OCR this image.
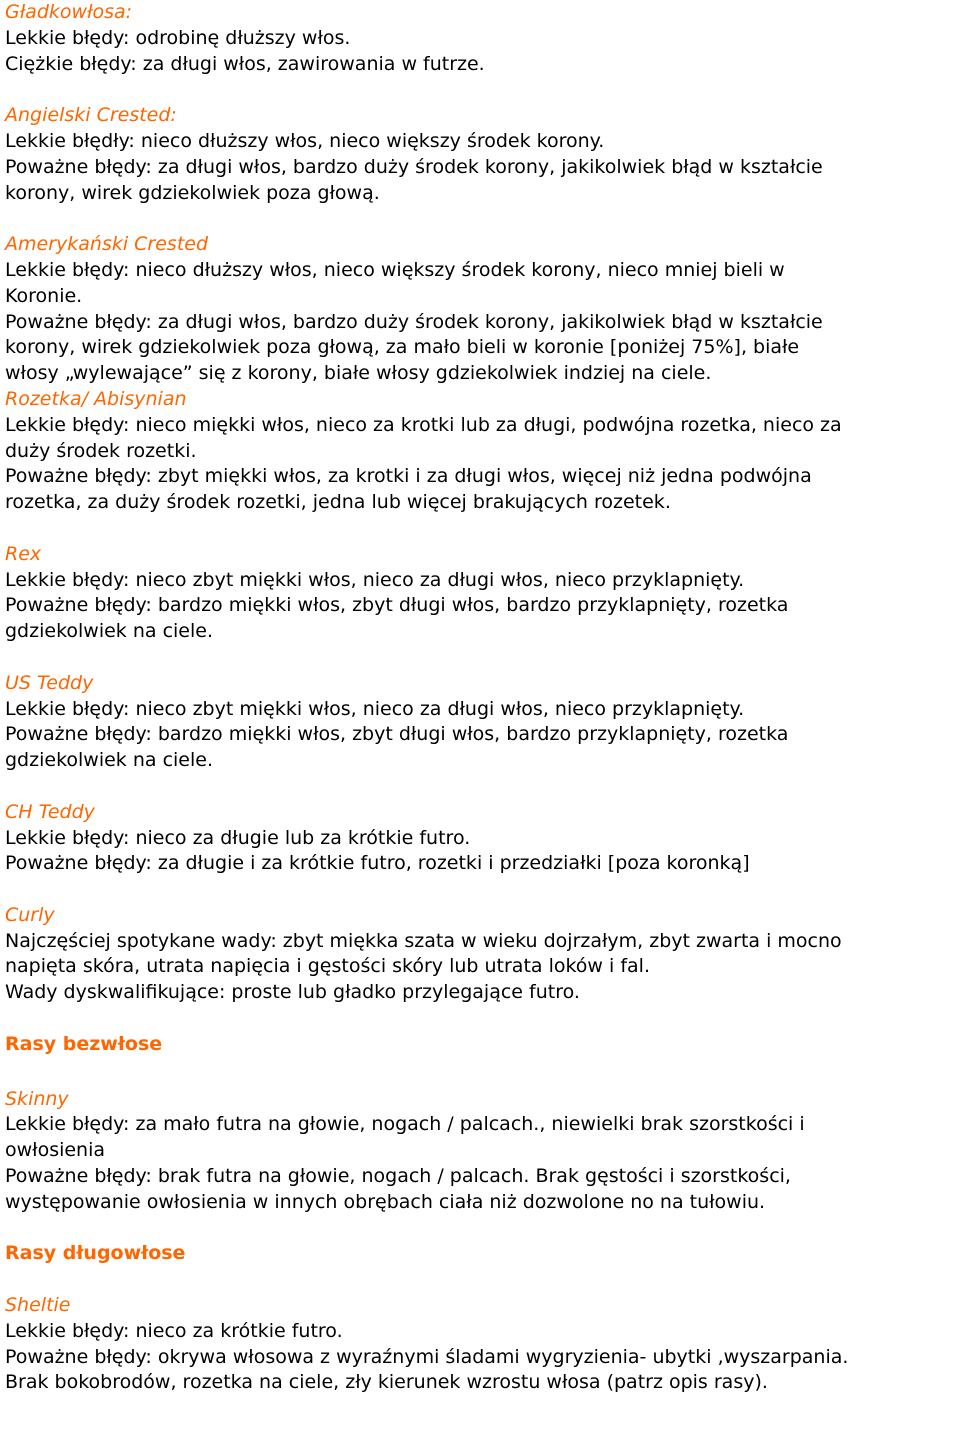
Gładkowłosa:
Lekkie błędy: odrobinę dłuższy włos.
Ciężkie błędy: za długi włos, zawirowania w futrze.
Angielski Crested:
Lekkie błędły: nieco dłuższy włos, nieco większy środek korony.
Poważne błędy: za długi włos, bardzo duży środek korony, jakikolwiek błąd w kształcie
korony, wirek gdziekolwiek poza głową.
Amerykański Crested
Lekkie błędy: nieco dłuższy włos, nieco większy środek korony, nieco mniej bieli w
Koronie.
Poważne błędy: za długi włos, bardzo duży środek korony, jakikolwiek błąd w kształcie
korony, wirek gdziekolwiek poza głową, za mało bieli w koronie [poniżej 75%], białe
włosy „wylewające” się z korony, białe włosy gdziekolwiek indziej na ciele.
Rozetka/ Abisynian
Lekkie błędy: nieco miękki włos, nieco za krotki lub za długi, podwójna rozetka, nieco za
duży środek rozetki.
Poważne błędy: zbyt miękki włos, za krotki i za długi włos, więcej niż jedna podwójna
rozetka, za duży środek rozetki, jedna lub więcej brakujących rozetek.
Rex
Lekkie błędy: nieco zbyt miękki włos, nieco za długi włos, nieco przyklapnięty.
Poważne błędy: bardzo miękki włos, zbyt długi włos, bardzo przyklapnięty, rozetka
gdziekolwiek na ciele.
US Teddy
Lekkie błędy: nieco zbyt miękki włos, nieco za długi włos, nieco przyklapnięty.
Poważne błędy: bardzo miękki włos, zbyt długi włos, bardzo przyklapnięty, rozetka
gdziekolwiek na ciele.
CH Teddy
Lekkie błędy: nieco za długie lub za krótkie futro.
Poważne błędy: za długie i za krótkie futro, rozetki i przedziałki [poza koronką]
Curly
Najczęściej spotykane wady: zbyt miękka szata w wieku dojrzałym, zbyt zwarta i mocno
napięta skóra, utrata napięcia i gęstości skóry lub utrata loków i fal.
Wady dyskwalifikujące: proste lub gładko przylegające futro.
Rasy bezwłose
Skinny
Lekkie błędy: za mało futra na głowie, nogach / palcach., niewielki brak szorstkości i
owłosienia
Poważne błędy: brak futra na głowie, nogach / palcach. Brak gęstości i szorstkości,
występowanie owłosienia w innych obrębach ciała niż dozwolone no na tułowiu.
Rasy długowłose
Sheltie
Lekkie błędy: nieco za krótkie futro.
Poważne błędy: okrywa włosowa z wyraźnymi śladami wygryzienia- ubytki ,wyszarpania.
Brak bokobrodów, rozetka na ciele, zły kierunek wzrostu włosa (patrz opis rasy).
